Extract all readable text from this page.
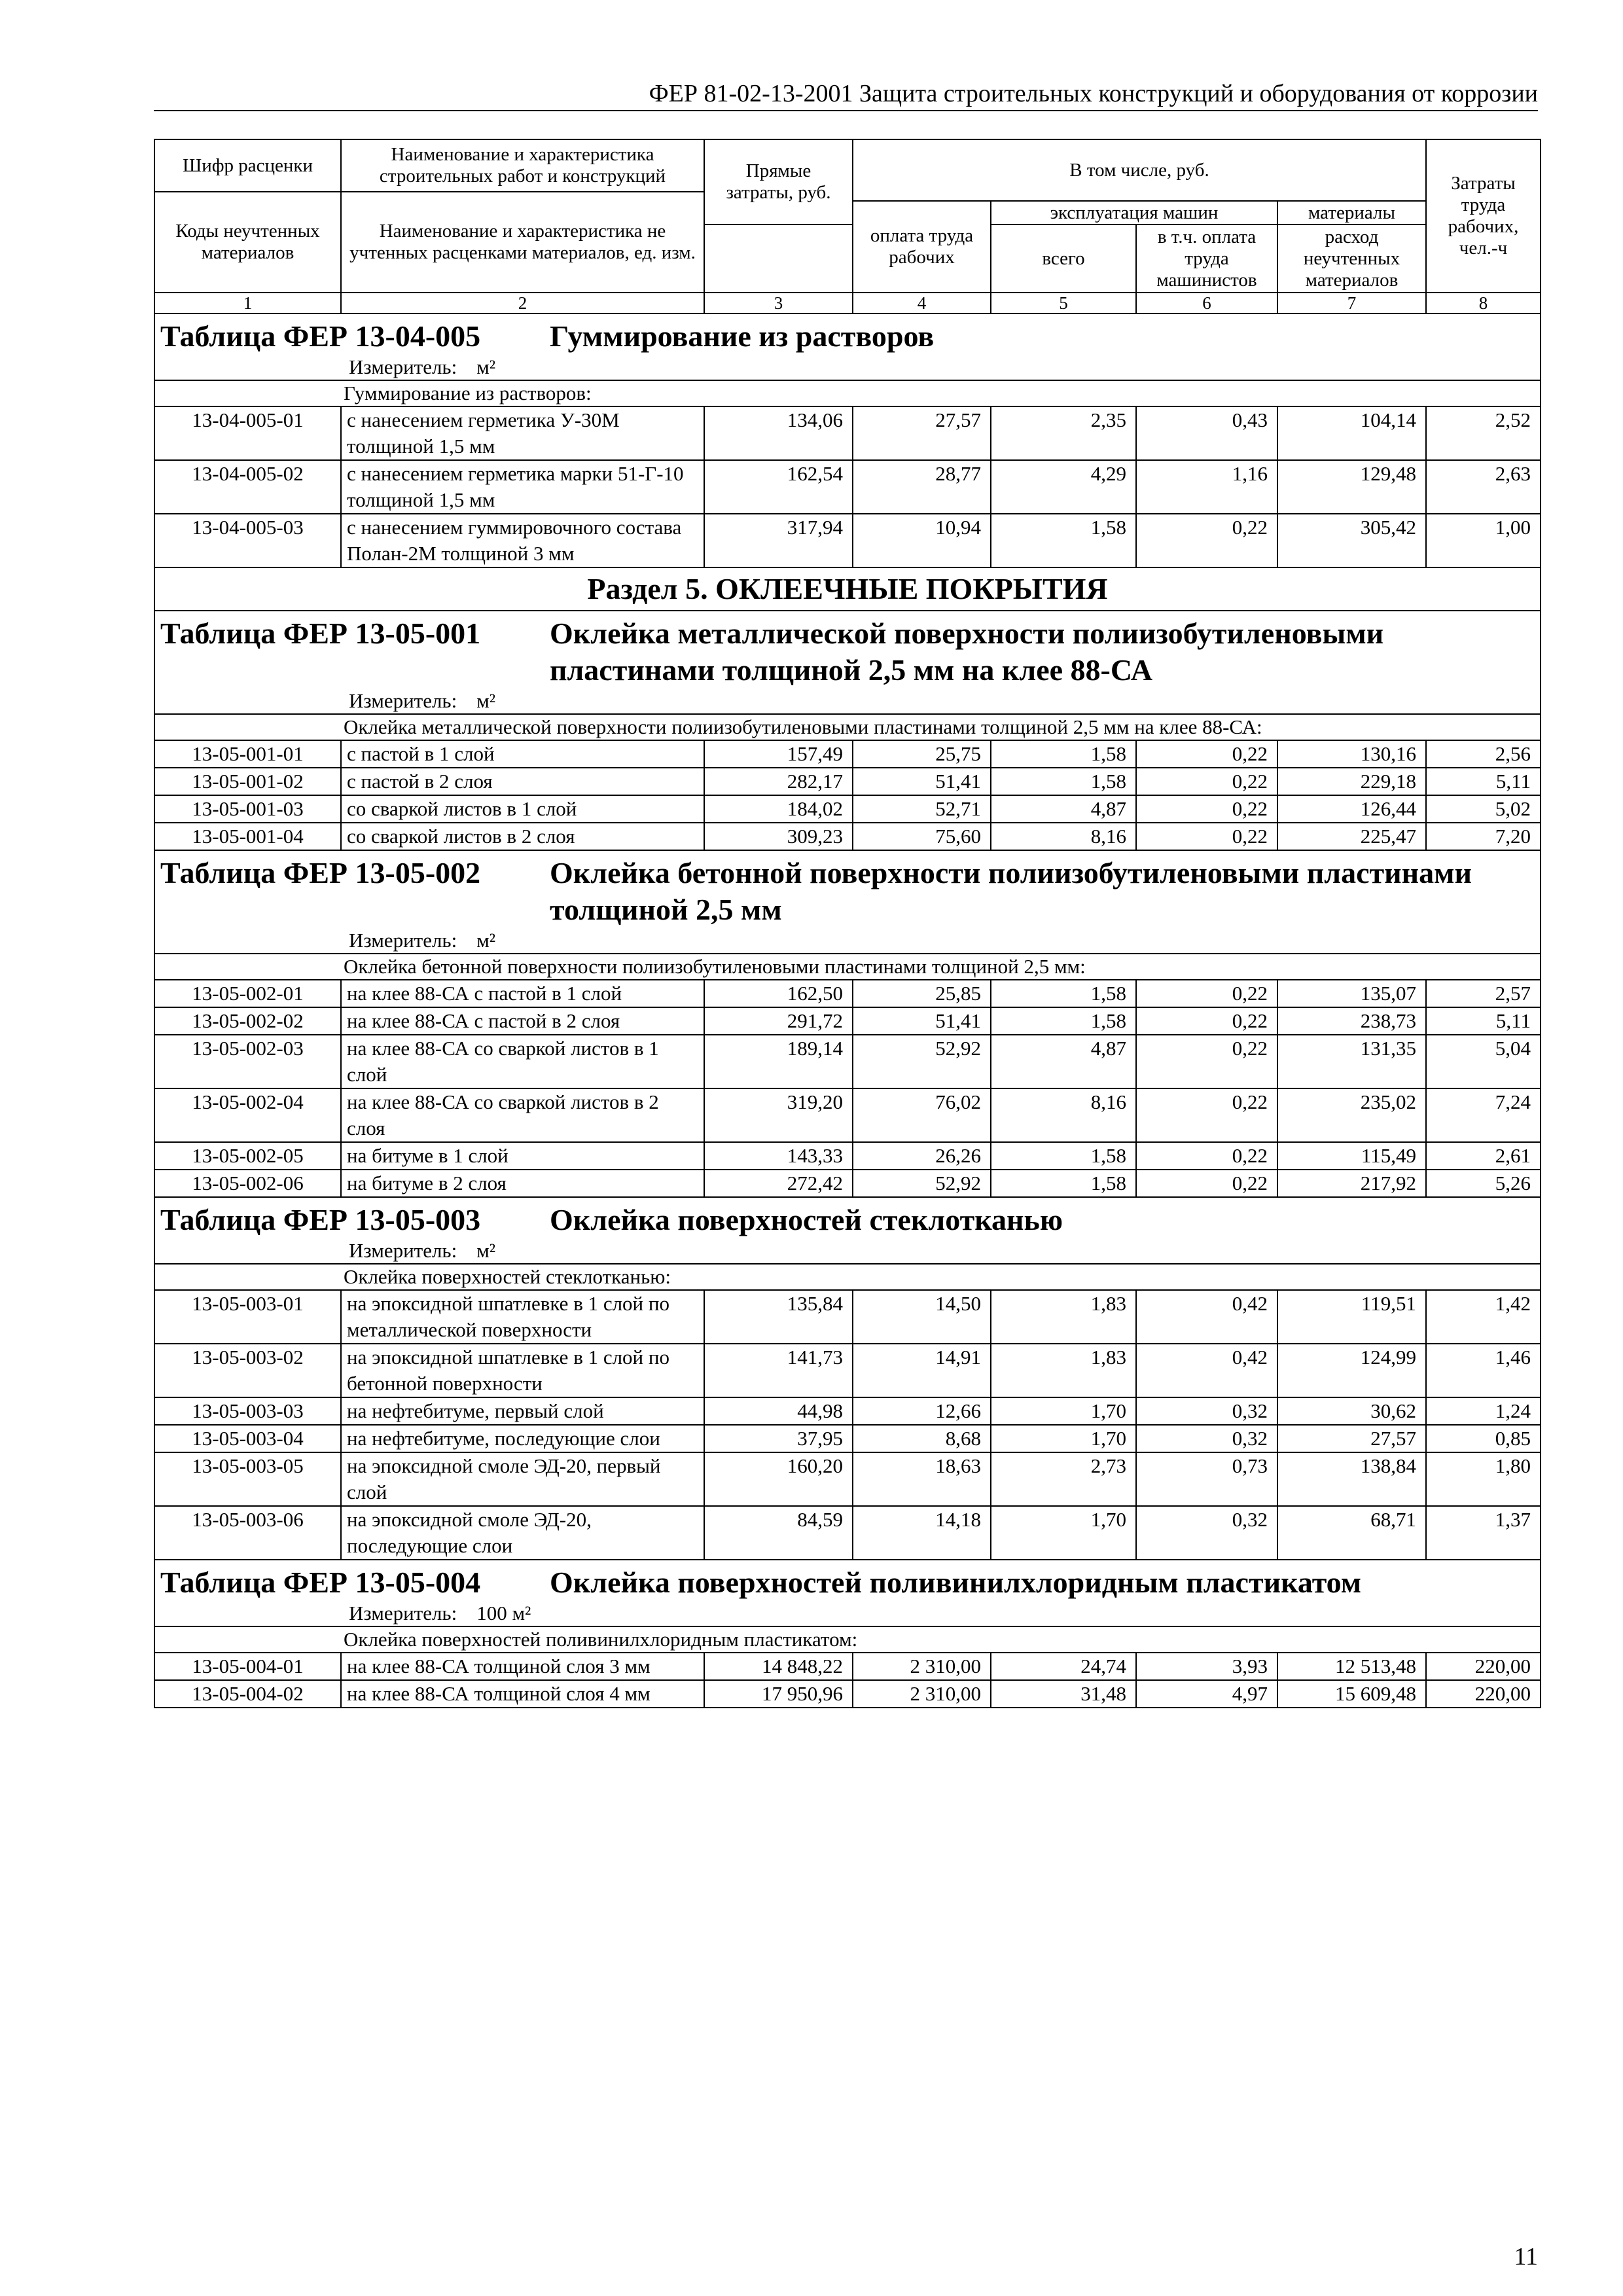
ФЕР 81-02-13-2001 Защита строительных конструкций и оборудования от коррозии
Шифр расценки	Наименование и характеристика строительных работ и конструкций	Прямые затраты, руб.	В том числе, руб.				Затраты труда рабочих, чел.-ч
Коды неучтенных материалов	Наименование и характеристика не учтенных расценками материалов, ед. изм.						
			оплата труда рабочих	эксплуатация машин		материалы	
				всего	в т.ч. оплата труда машинистов	расход неучтенных материалов	
1	2	3	4	5	6	7	8

Таблица ФЕР 13-04-005 Гуммирование из растворов
Измеритель: м²							

Гуммирование из растворов:							
13-04-005-01	с нанесением герметика У-30М толщиной 1,5 мм	134,06	27,57	2,35	0,43	104,14	2,52
13-04-005-02	с нанесением герметика марки 51-Г-10 толщиной 1,5 мм	162,54	28,77	4,29	1,16	129,48	2,63
13-04-005-03	с нанесением гуммировочного состава Полан-2М толщиной 3 мм	317,94	10,94	1,58	0,22	305,42	1,00
Раздел 5. ОКЛЕЕЧНЫЕ ПОКРЫТИЯ							

Таблица ФЕР 13-05-001 Оклейка металлической поверхности полиизобутиленовыми пластинами толщиной 2,5 мм на клее 88-СА
Измеритель: м²							

Оклейка металлической поверхности полиизобутиленовыми пластинами толщиной 2,5 мм на клее 88-СА:							
13-05-001-01	с пастой в 1 слой	157,49	25,75	1,58	0,22	130,16	2,56
13-05-001-02	с пастой в 2 слоя	282,17	51,41	1,58	0,22	229,18	5,11
13-05-001-03	со сваркой листов в 1 слой	184,02	52,71	4,87	0,22	126,44	5,02
13-05-001-04	со сваркой листов в 2 слоя	309,23	75,60	8,16	0,22	225,47	7,20

Таблица ФЕР 13-05-002 Оклейка бетонной поверхности полиизобутиленовыми пластинами толщиной 2,5 мм
Измеритель: м²							

Оклейка бетонной поверхности полиизобутиленовыми пластинами толщиной 2,5 мм:							
13-05-002-01	на клее 88-СА с пастой в 1 слой	162,50	25,85	1,58	0,22	135,07	2,57
13-05-002-02	на клее 88-СА с пастой в 2 слоя	291,72	51,41	1,58	0,22	238,73	5,11
13-05-002-03	на клее 88-СА со сваркой листов в 1 слой	189,14	52,92	4,87	0,22	131,35	5,04
13-05-002-04	на клее 88-СА со сваркой листов в 2 слоя	319,20	76,02	8,16	0,22	235,02	7,24
13-05-002-05	на битуме в 1 слой	143,33	26,26	1,58	0,22	115,49	2,61
13-05-002-06	на битуме в 2 слоя	272,42	52,92	1,58	0,22	217,92	5,26

Таблица ФЕР 13-05-003 Оклейка поверхностей стеклотканью
Измеритель: м²							

Оклейка поверхностей стеклотканью:							
13-05-003-01	на эпоксидной шпатлевке в 1 слой по металлической поверхности	135,84	14,50	1,83	0,42	119,51	1,42
13-05-003-02	на эпоксидной шпатлевке в 1 слой по бетонной поверхности	141,73	14,91	1,83	0,42	124,99	1,46
13-05-003-03	на нефтебитуме, первый слой	44,98	12,66	1,70	0,32	30,62	1,24
13-05-003-04	на нефтебитуме, последующие слои	37,95	8,68	1,70	0,32	27,57	0,85
13-05-003-05	на эпоксидной смоле ЭД-20, первый слой	160,20	18,63	2,73	0,73	138,84	1,80
13-05-003-06	на эпоксидной смоле ЭД-20, последующие слои	84,59	14,18	1,70	0,32	68,71	1,37

Таблица ФЕР 13-05-004 Оклейка поверхностей поливинилхлоридным пластикатом
Измеритель: 100 м²							

Оклейка поверхностей поливинилхлоридным пластикатом:							
13-05-004-01	на клее 88-СА толщиной слоя 3 мм	14 848,22	2 310,00	24,74	3,93	12 513,48	220,00
13-05-004-02	на клее 88-СА толщиной слоя 4 мм	17 950,96	2 310,00	31,48	4,97	15 609,48	220,00
11
